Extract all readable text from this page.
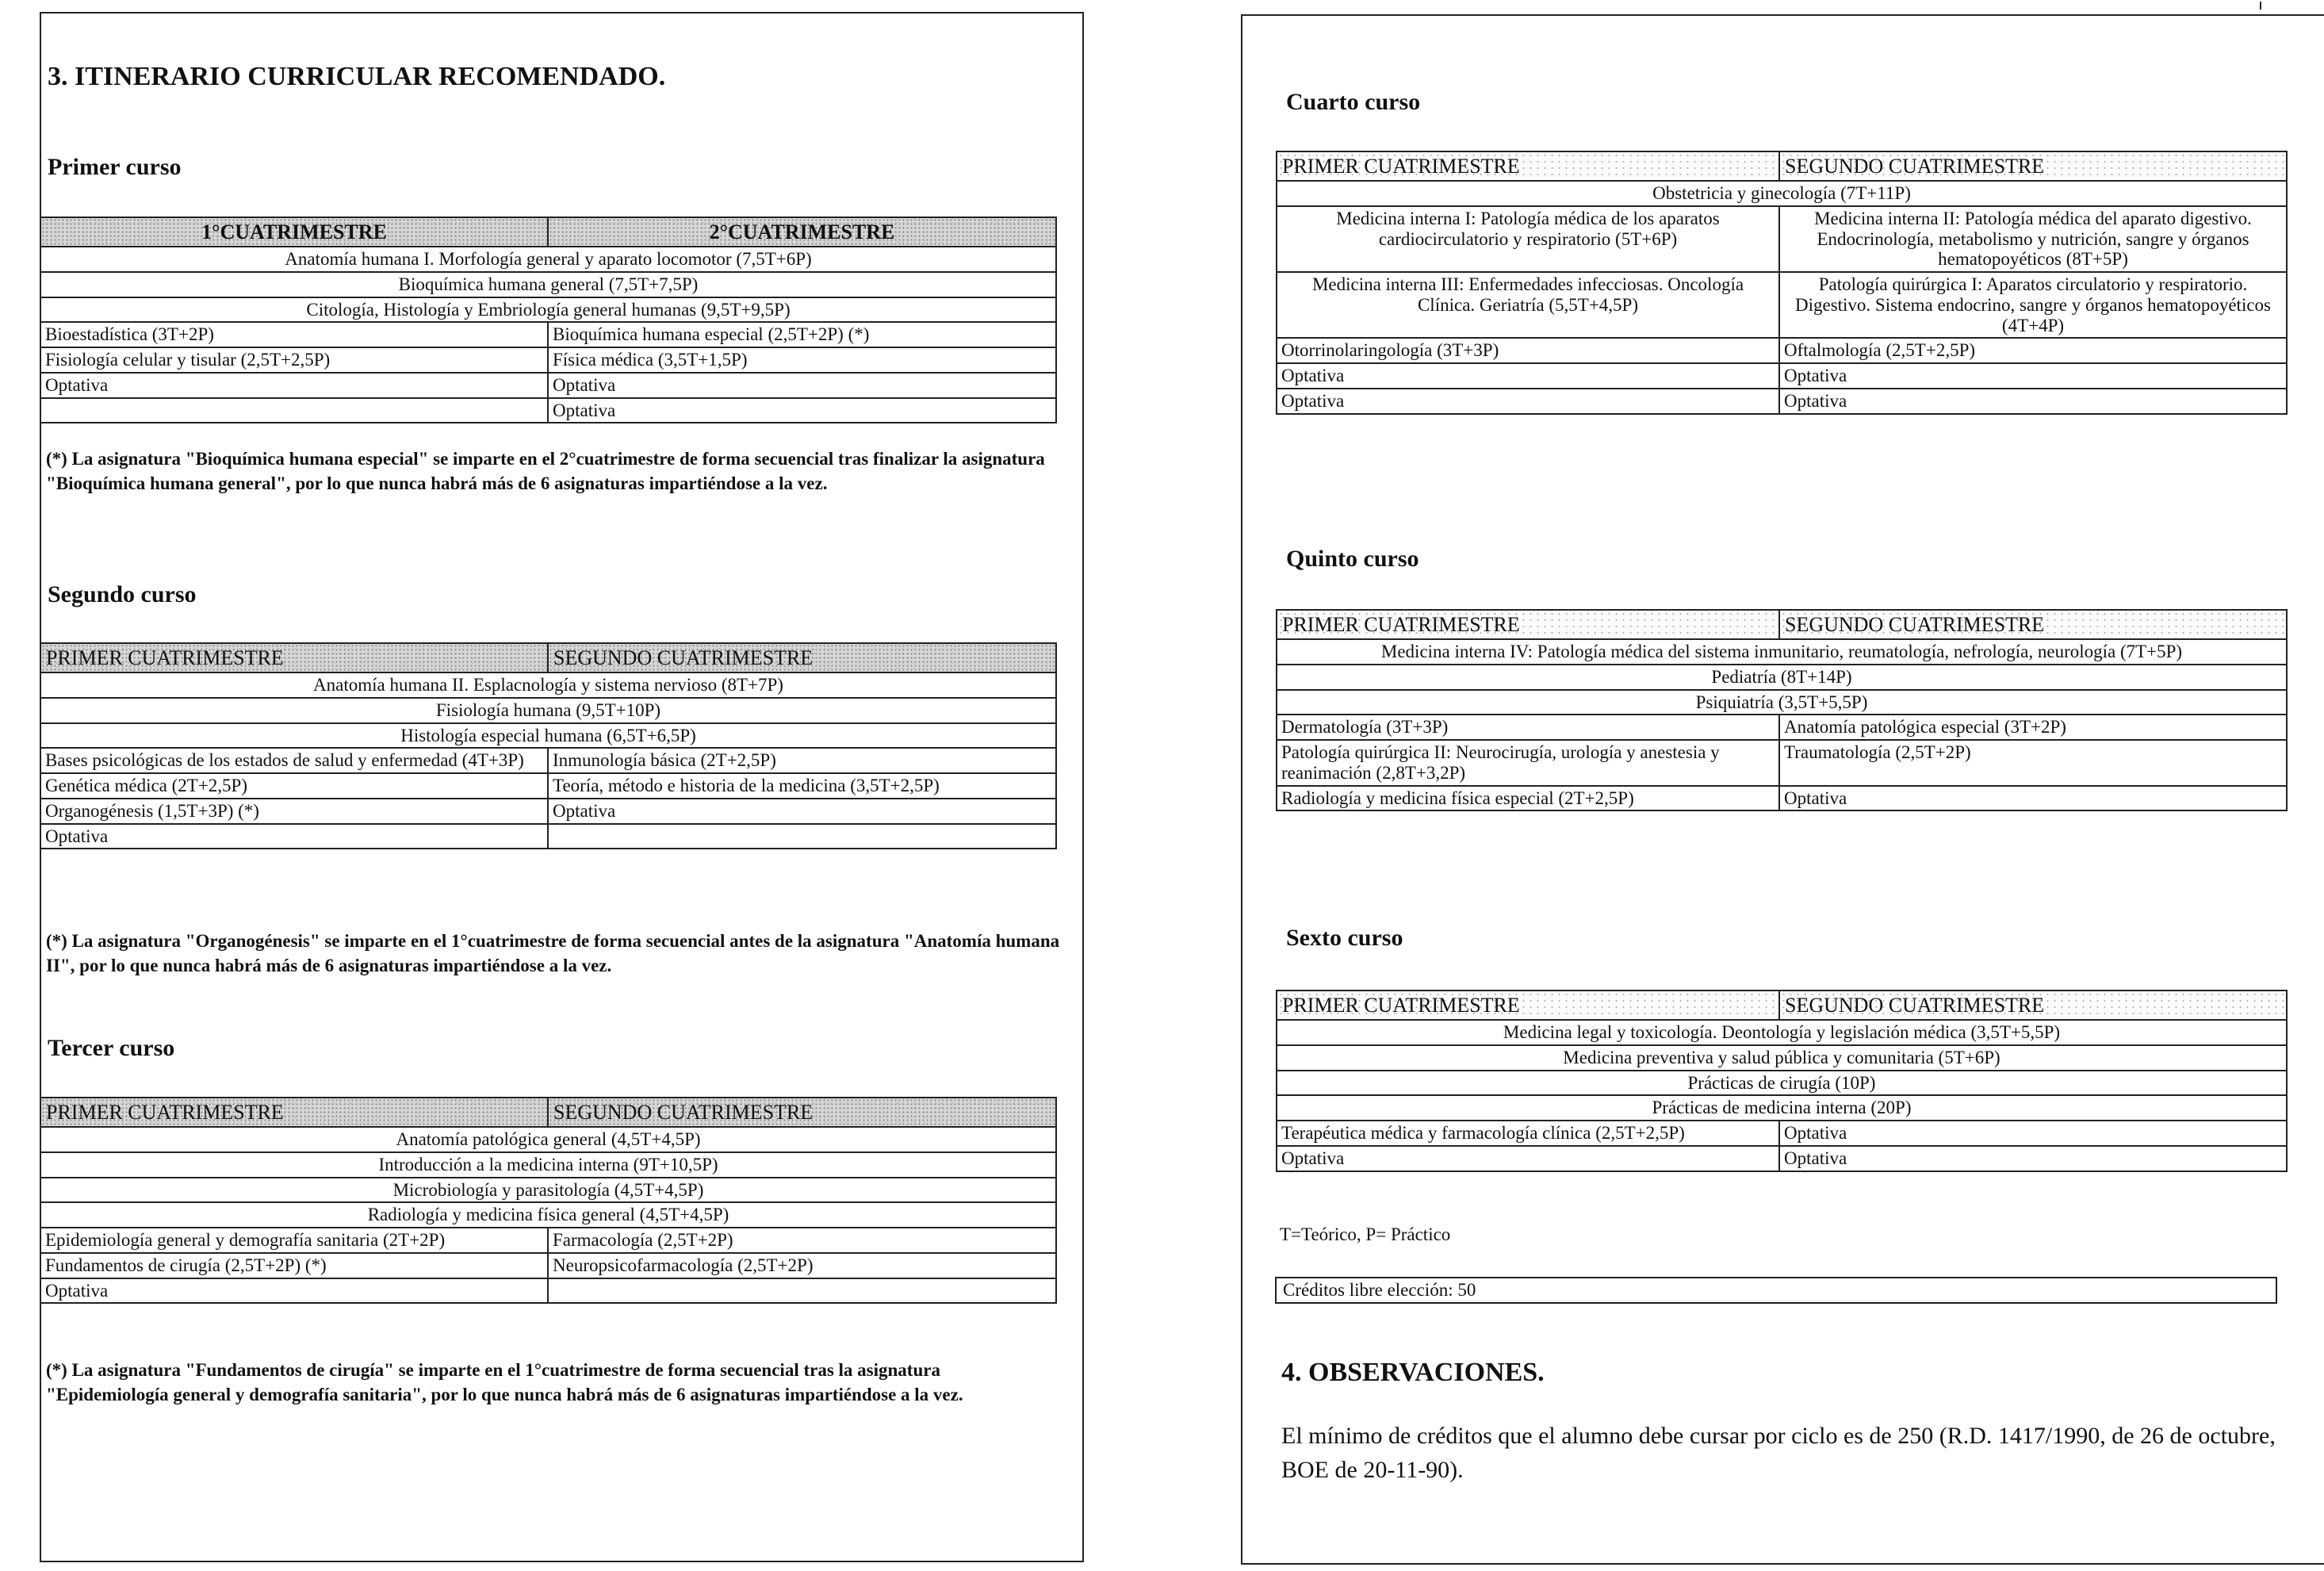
3. ITINERARIO CURRICULAR RECOMENDADO.
Primer curso
1°CUATRIMESTRE	2°CUATRIMESTRE
Anatomía humana I. Morfología general y aparato locomotor (7,5T+6P)	
Bioquímica humana general (7,5T+7,5P)	
Citología, Histología y Embriología general humanas (9,5T+9,5P)	
Bioestadística (3T+2P)	Bioquímica humana especial (2,5T+2P) (*)
Fisiología celular y tisular (2,5T+2,5P)	Física médica (3,5T+1,5P)
Optativa	Optativa
	Optativa
(*) La asignatura "Bioquímica humana especial" se imparte en el 2°cuatrimestre de forma secuencial tras finalizar la asignatura "Bioquímica humana general", por lo que nunca habrá más de 6 asignaturas impartiéndose a la vez.
Segundo curso
PRIMER CUATRIMESTRE	SEGUNDO CUATRIMESTRE
Anatomía humana II. Esplacnología y sistema nervioso (8T+7P)	
Fisiología humana (9,5T+10P)	
Histología especial humana (6,5T+6,5P)	
Bases psicológicas de los estados de salud y enfermedad (4T+3P)	Inmunología básica (2T+2,5P)
Genética médica (2T+2,5P)	Teoría, método e historia de la medicina (3,5T+2,5P)
Organogénesis (1,5T+3P) (*)	Optativa
Optativa	
(*) La asignatura "Organogénesis" se imparte en el 1°cuatrimestre de forma secuencial antes de la asignatura "Anatomía humana II", por lo que nunca habrá más de 6 asignaturas impartiéndose a la vez.
Tercer curso
PRIMER CUATRIMESTRE	SEGUNDO CUATRIMESTRE
Anatomía patológica general (4,5T+4,5P)	
Introducción a la medicina interna (9T+10,5P)	
Microbiología y parasitología (4,5T+4,5P)	
Radiología y medicina física general (4,5T+4,5P)	
Epidemiología general y demografía sanitaria (2T+2P)	Farmacología (2,5T+2P)
Fundamentos de cirugía (2,5T+2P) (*)	Neuropsicofarmacología (2,5T+2P)
Optativa	
(*) La asignatura "Fundamentos de cirugía" se imparte en el 1°cuatrimestre de forma secuencial tras la asignatura "Epidemiología general y demografía sanitaria", por lo que nunca habrá más de 6 asignaturas impartiéndose a la vez.
Cuarto curso
PRIMER CUATRIMESTRE	SEGUNDO CUATRIMESTRE
Obstetricia y ginecología (7T+11P)	
Medicina interna I: Patología médica de los aparatos cardiocirculatorio y respiratorio (5T+6P)	Medicina interna II: Patología médica del aparato digestivo. Endocrinología, metabolismo y nutrición, sangre y órganos hematopoyéticos (8T+5P)
Medicina interna III: Enfermedades infecciosas. Oncología Clínica. Geriatría (5,5T+4,5P)	Patología quirúrgica I: Aparatos circulatorio y respiratorio. Digestivo. Sistema endocrino, sangre y órganos hematopoyéticos (4T+4P)
Otorrinolaringología (3T+3P)	Oftalmología (2,5T+2,5P)
Optativa	Optativa
Optativa	Optativa
Quinto curso
PRIMER CUATRIMESTRE	SEGUNDO CUATRIMESTRE
Medicina interna IV: Patología médica del sistema inmunitario, reumatología, nefrología, neurología (7T+5P)	
Pediatría (8T+14P)	
Psiquiatría (3,5T+5,5P)	
Dermatología (3T+3P)	Anatomía patológica especial (3T+2P)
Patología quirúrgica II: Neurocirugía, urología y anestesia y reanimación (2,8T+3,2P)	Traumatología (2,5T+2P)
Radiología y medicina física especial (2T+2,5P)	Optativa
Sexto curso
PRIMER CUATRIMESTRE	SEGUNDO CUATRIMESTRE
Medicina legal y toxicología. Deontología y legislación médica (3,5T+5,5P)	
Medicina preventiva y salud pública y comunitaria (5T+6P)	
Prácticas de cirugía (10P)	
Prácticas de medicina interna (20P)	
Terapéutica médica y farmacología clínica (2,5T+2,5P)	Optativa
Optativa	Optativa
T=Teórico, P= Práctico
Créditos libre elección: 50
4. OBSERVACIONES.
El mínimo de créditos que el alumno debe cursar por ciclo es de 250 (R.D. 1417/1990, de 26 de octubre, BOE de 20-11-90).
